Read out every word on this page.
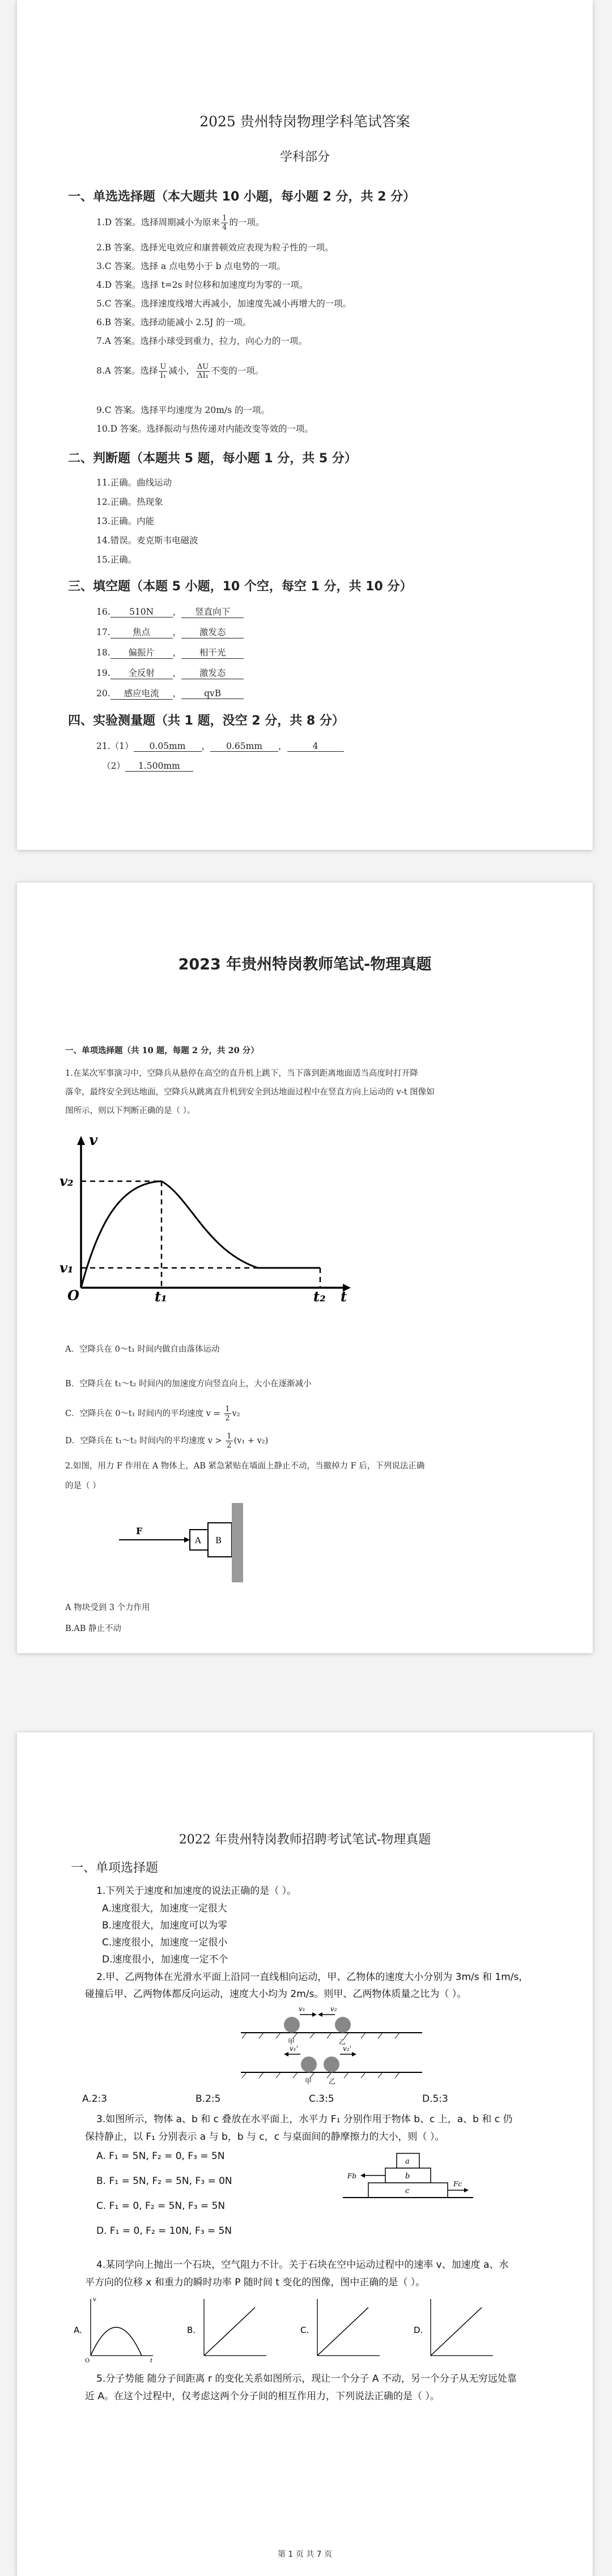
2025 贵州特岗物理学科笔试答案
学科部分
一、单选选择题（本大题共 10 小题，每小题 2 分，共 2 分）
1.D 答案。选择周期减小为原来 $\frac{1}{4}$ 的一项。
2.B 答案。选择光电效应和康普顿效应表现为粒子性的一项。
3.C 答案。选择 a 点电势小于 b 点电势的一项。
4.D 答案。选择 t=2s 时位移和加速度均为零的一项。
5.C 答案。选择速度线增大再减小，加速度先减小再增大的一项。
6.B 答案。选择动能减小 2.5J 的一项。
7.A 答案。选择小球受到重力，拉力，向心力的一项。
8.A 答案。选择 $\frac{U}{\text{I₁}}$ 减小， $\frac{\Delta U}{\text{ΔI₁}}$ 不变的一项。
9.C 答案。选择平均速度为 20m/s 的一项。
10.D 答案。选择振动与热传递对内能改变等效的一项。
二、判断题（本题共 5 题，每小题 1 分，共 5 分）
11.正确。曲线运动
12.正确。热现象
13.正确。内能
14.错误。麦克斯韦电磁波
15.正确。
三、填空题（本题 5 小题，10 个空，每空 1 分，共 10 分）
16. 510N ， 竖直向下
17.	焦点	， 激发态
18. 偏振片 ， 相干光
19. 全反射 ， 激发态
20. 感应电流 ，	qvB
四、实验测量题（共 1 题，没空 2 分，共 8 分）
21.（1） 0.05mm ， 0.65mm ，	4
（2） 1.500mm
2023 年贵州特岗教师笔试-物理真题
一、单项选择题（共 10 题，每题 2 分，共 20 分）
1.在某次军事演习中，空降兵从悬停在高空的直升机上跳下，当下落到距离地面适当高度时打开降
落伞，最终安全到达地面，空降兵从跳离直升机到安全到达地面过程中在竖直方向上运动的 v-t 图像如
图所示，则以下判断正确的是（ ）。
v
v₂
v₁
O	t₁	t₂ t
A．空降兵在 0～t₁ 时间内做自由落体运动
B．空降兵在 t₁～t₂ 时间内的加速度方向竖直向上，大小在逐渐减小
C．空降兵在 0～t₁ 时间内的平均速度 $v = \frac{1}{2} v_2$
D．空降兵在 t₁～t₂ 时间内的平均速度 $v > \frac{1}{2} (v_1 + v_2)$
2.如图，用力 F 作用在 A 物体上，AB 紧急紧贴在墙面上静止不动，当撤掉力 F 后，下列说法正确
的是（ ）
F
A B
A 物块受到 3 个力作用
B.AB 静止不动
2022 年贵州特岗教师招聘考试笔试-物理真题
一、单项选择题
1.下列关于速度和加速度的说法正确的是（ ）。
A.速度很大，加速度一定很大
B.速度很大，加速度可以为零
C.速度很小，加速度一定很小
D.速度很小，加速度一定不个
2.甲、乙两物体在光滑水平面上沿同一直线相向运动，甲、乙物体的速度大小分别为 3m/s 和 1m/s，
碰撞后甲、乙两物体都反向运动，速度大小均为 2m/s。则甲、乙两物体质量之比为（ ）。
v₁	v₂
甲	乙
v₁'	v₂'
甲 乙
A.2:3	B.2:5	C.3:5	D.5:3
3.如图所示，物体 a、b 和 c 叠放在水平面上，水平力 F₁ 分别作用于物体 b、c 上，a、b 和 c 仍
保持静止，以 F₁ 分别表示 a 与 b，b 与 c，c 与桌面间的静摩擦力的大小，则（ ）。
A. F₁ = 5N, F₂ = 0, F₃ = 5N
B. F₁ = 5N, F₂ = 5N, F₃ = 0N
C. F₁ = 0, F₂ = 5N, F₃ = 5N
D. F₁ = 0, F₂ = 10N, F₃ = 5N
a
b
c
Fb
Fc
4.某同学向上抛出一个石块，空气阻力不计。关于石块在空中运动过程中的速率 v、加速度 a、水
平方向的位移 x 和重力的瞬时功率 P 随时间 t 变化的图像，图中正确的是（ ）。
A.
O
v
t
B.	C.	D.
5.分子势能 随分子间距离 r 的变化关系如图所示，现让一个分子 A 不动，另一个分子从无穷远处靠
近 A。在这个过程中，仅考虑这两个分子间的相互作用力，下列说法正确的是（ ）。
第 1 页 共 7 页
